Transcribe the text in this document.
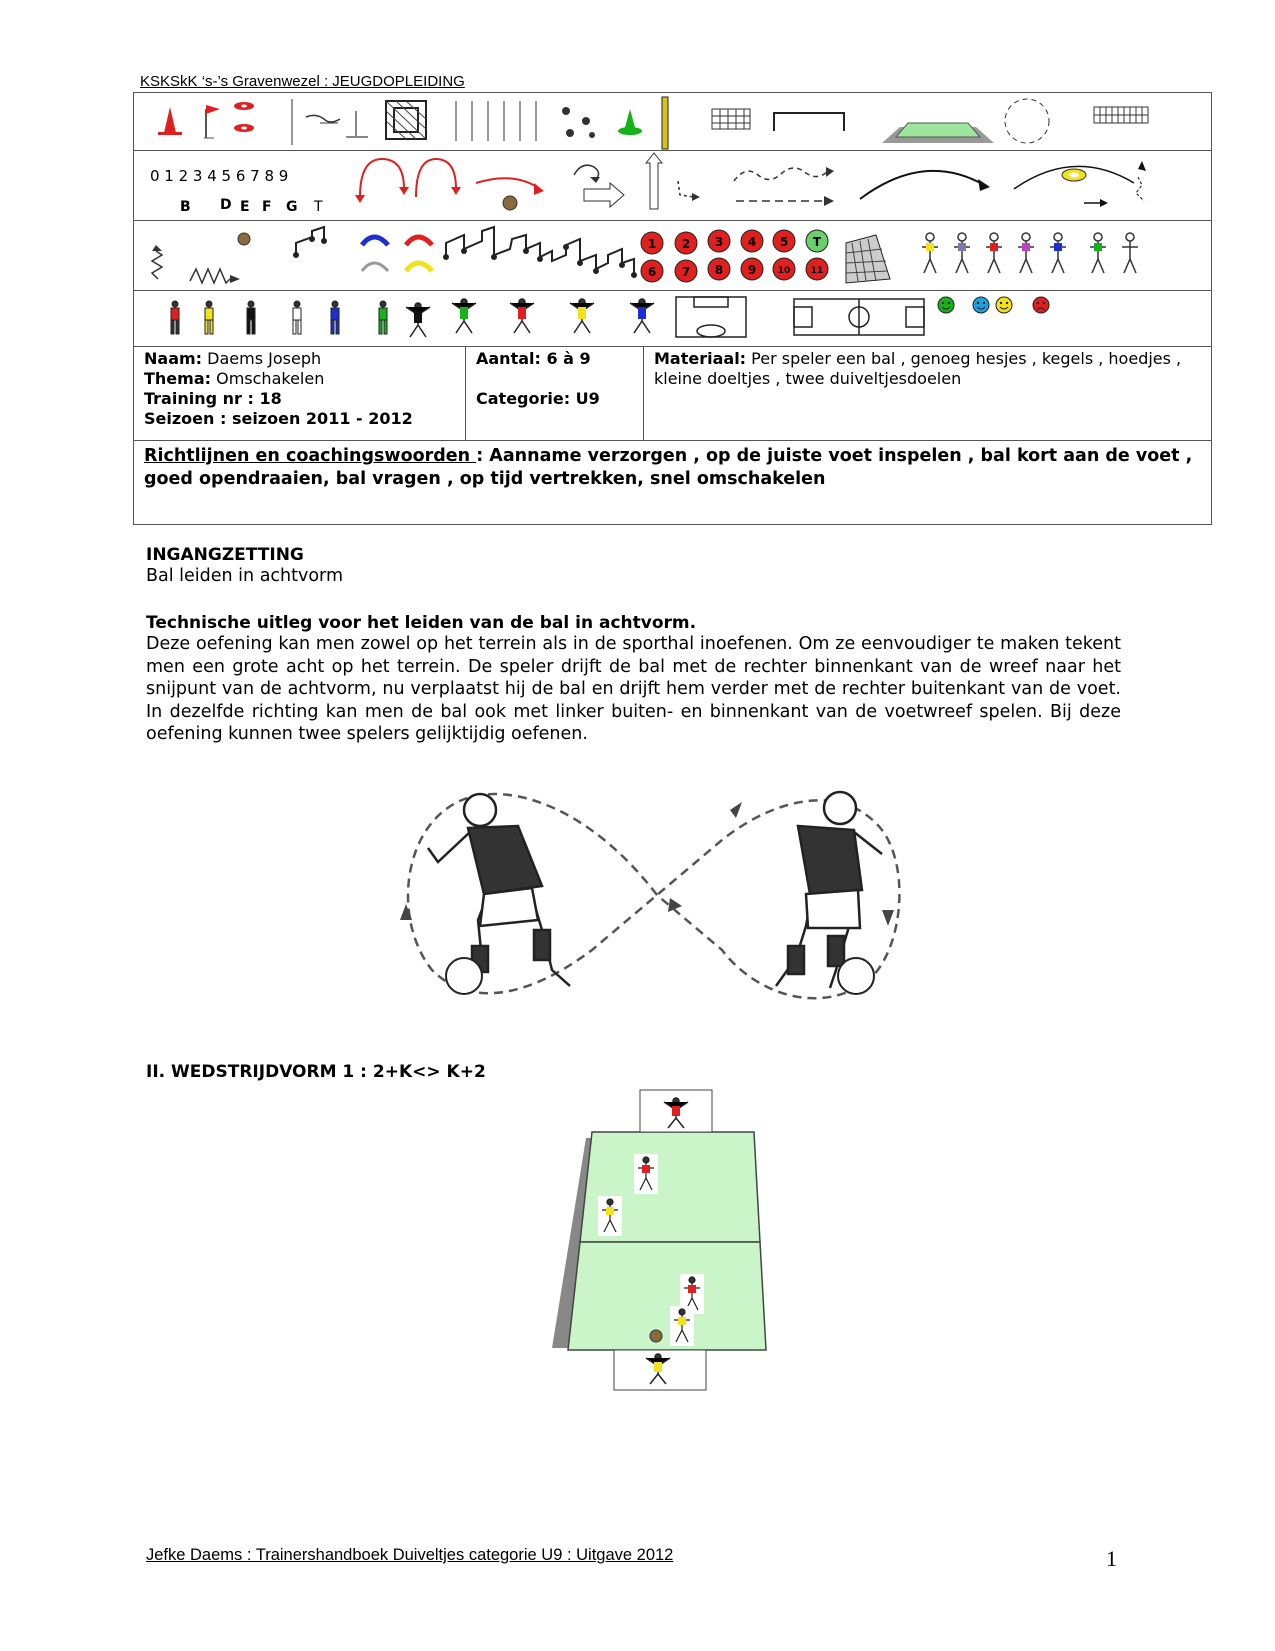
KSKSkK ‘s-’s Gravenwezel : JEUGDOPLEIDING
0 1 2 3 4 5 6 7 8 9
B D E F G T
1 2 3 4 5 T
6 7 8 9 10 11
Naam: Daems Joseph
Thema: Omschakelen
Training nr : 18
Seizoen : seizoen 2011 - 2012
Aantal: 6 à 9
Categorie: U9
Materiaal: Per speler een bal , genoeg hesjes , kegels , hoedjes , kleine doeltjes , twee duiveltjesdoelen
Richtlijnen en coachingswoorden : Aanname verzorgen , op de juiste voet inspelen , bal kort aan de voet , goed opendraaien, bal vragen , op tijd vertrekken, snel omschakelen
INGANGZETTING
Bal leiden in achtvorm
Technische uitleg voor het leiden van de bal in achtvorm.
Deze oefening kan men zowel op het terrein als in de sporthal inoefenen. Om ze eenvoudiger te maken tekent men een grote acht op het terrein. De speler drijft de bal met de rechter binnenkant van de wreef naar het snijpunt van de achtvorm, nu verplaatst hij de bal en drijft hem verder met de rechter buitenkant van de voet. In dezelfde richting kan men de bal ook met linker buiten- en binnenkant van de voetwreef spelen. Bij deze oefening kunnen twee spelers gelijktijdig oefenen.
II. WEDSTRIJDVORM 1 : 2+K<> K+2
Jefke Daems : Trainershandboek Duiveltjes categorie U9 : Uitgave 2012	1
